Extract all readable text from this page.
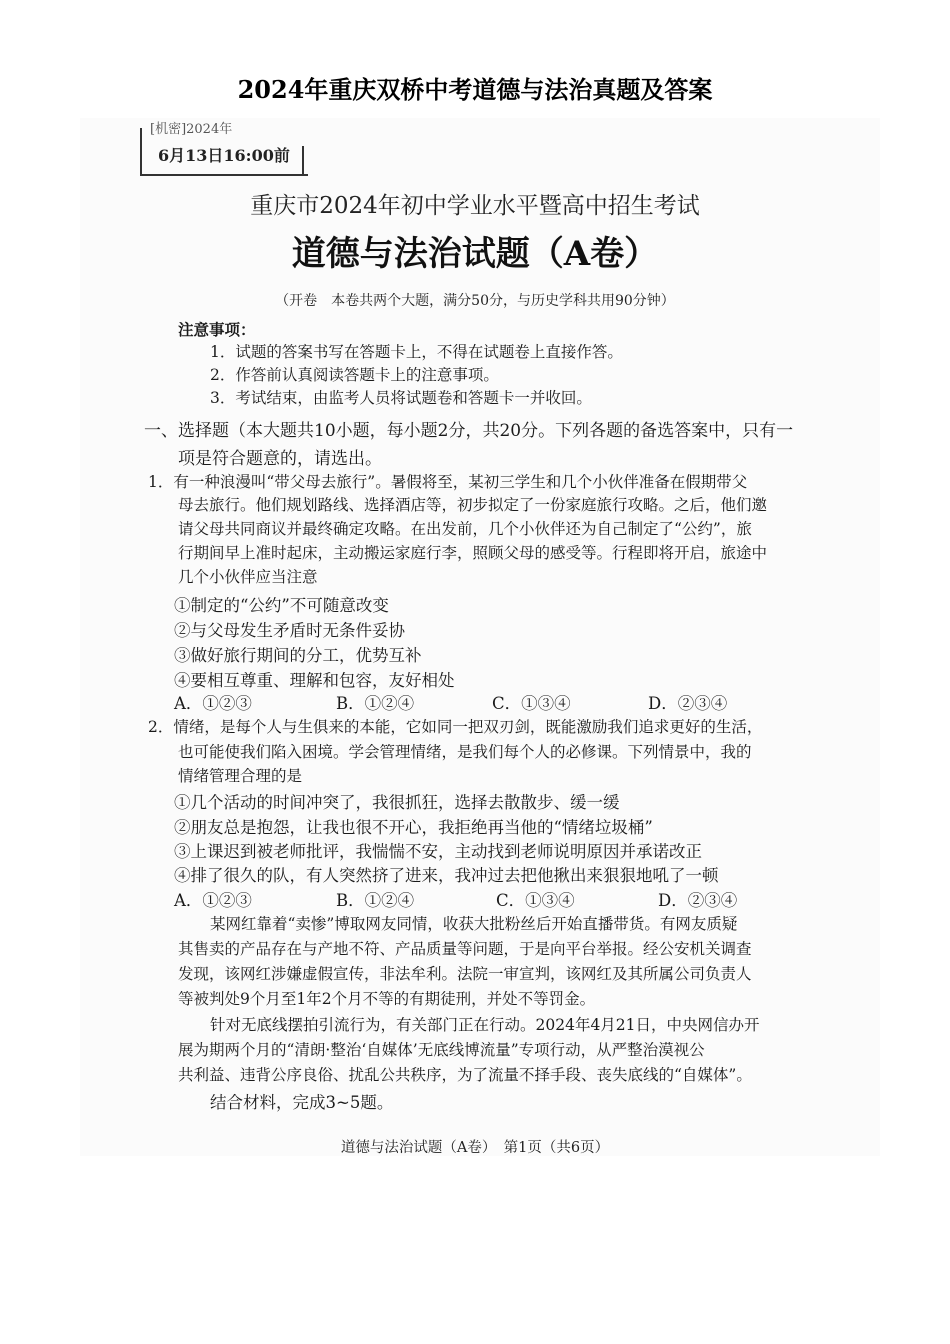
2024年重庆双桥中考道德与法治真题及答案
[机密]2024年
6月13日16:00前
重庆市2024年初中学业水平暨高中招生考试
道德与法治试题（A卷）
（开卷　本卷共两个大题，满分50分，与历史学科共用90分钟）
注意事项：
1．试题的答案书写在答题卡上，不得在试题卷上直接作答。
2．作答前认真阅读答题卡上的注意事项。
3．考试结束，由监考人员将试题卷和答题卡一并收回。
一、选择题（本大题共10小题，每小题2分，共20分。下列各题的备选答案中，只有一
项是符合题意的，请选出。
1．有一种浪漫叫“带父母去旅行”。暑假将至，某初三学生和几个小伙伴准备在假期带父
母去旅行。他们规划路线、选择酒店等，初步拟定了一份家庭旅行攻略。之后，他们邀
请父母共同商议并最终确定攻略。在出发前，几个小伙伴还为自己制定了“公约”，旅
行期间早上准时起床，主动搬运家庭行李，照顾父母的感受等。行程即将开启，旅途中
几个小伙伴应当注意
①制定的“公约”不可随意改变
②与父母发生矛盾时无条件妥协
③做好旅行期间的分工，优势互补
④要相互尊重、理解和包容，友好相处
A．①②③	B．①②④	C．①③④	D．②③④
2．情绪，是每个人与生俱来的本能，它如同一把双刃剑，既能激励我们追求更好的生活，
也可能使我们陷入困境。学会管理情绪，是我们每个人的必修课。下列情景中，我的
情绪管理合理的是
①几个活动的时间冲突了，我很抓狂，选择去散散步、缓一缓
②朋友总是抱怨，让我也很不开心，我拒绝再当他的“情绪垃圾桶”
③上课迟到被老师批评，我惴惴不安，主动找到老师说明原因并承诺改正
④排了很久的队，有人突然挤了进来，我冲过去把他揪出来狠狠地吼了一顿
A．①②③	B．①②④	C．①③④	D．②③④
某网红靠着“卖惨”博取网友同情，收获大批粉丝后开始直播带货。有网友质疑
其售卖的产品存在与产地不符、产品质量等问题，于是向平台举报。经公安机关调查
发现，该网红涉嫌虚假宣传，非法牟利。法院一审宣判，该网红及其所属公司负责人
等被判处9个月至1年2个月不等的有期徒刑，并处不等罚金。
针对无底线摆拍引流行为，有关部门正在行动。2024年4月21日，中央网信办开
展为期两个月的“清朗·整治‘自媒体’无底线博流量”专项行动，从严整治漠视公
共利益、违背公序良俗、扰乱公共秩序，为了流量不择手段、丧失底线的“自媒体”。
结合材料，完成3~5题。
道德与法治试题（A卷）　第1页（共6页）
